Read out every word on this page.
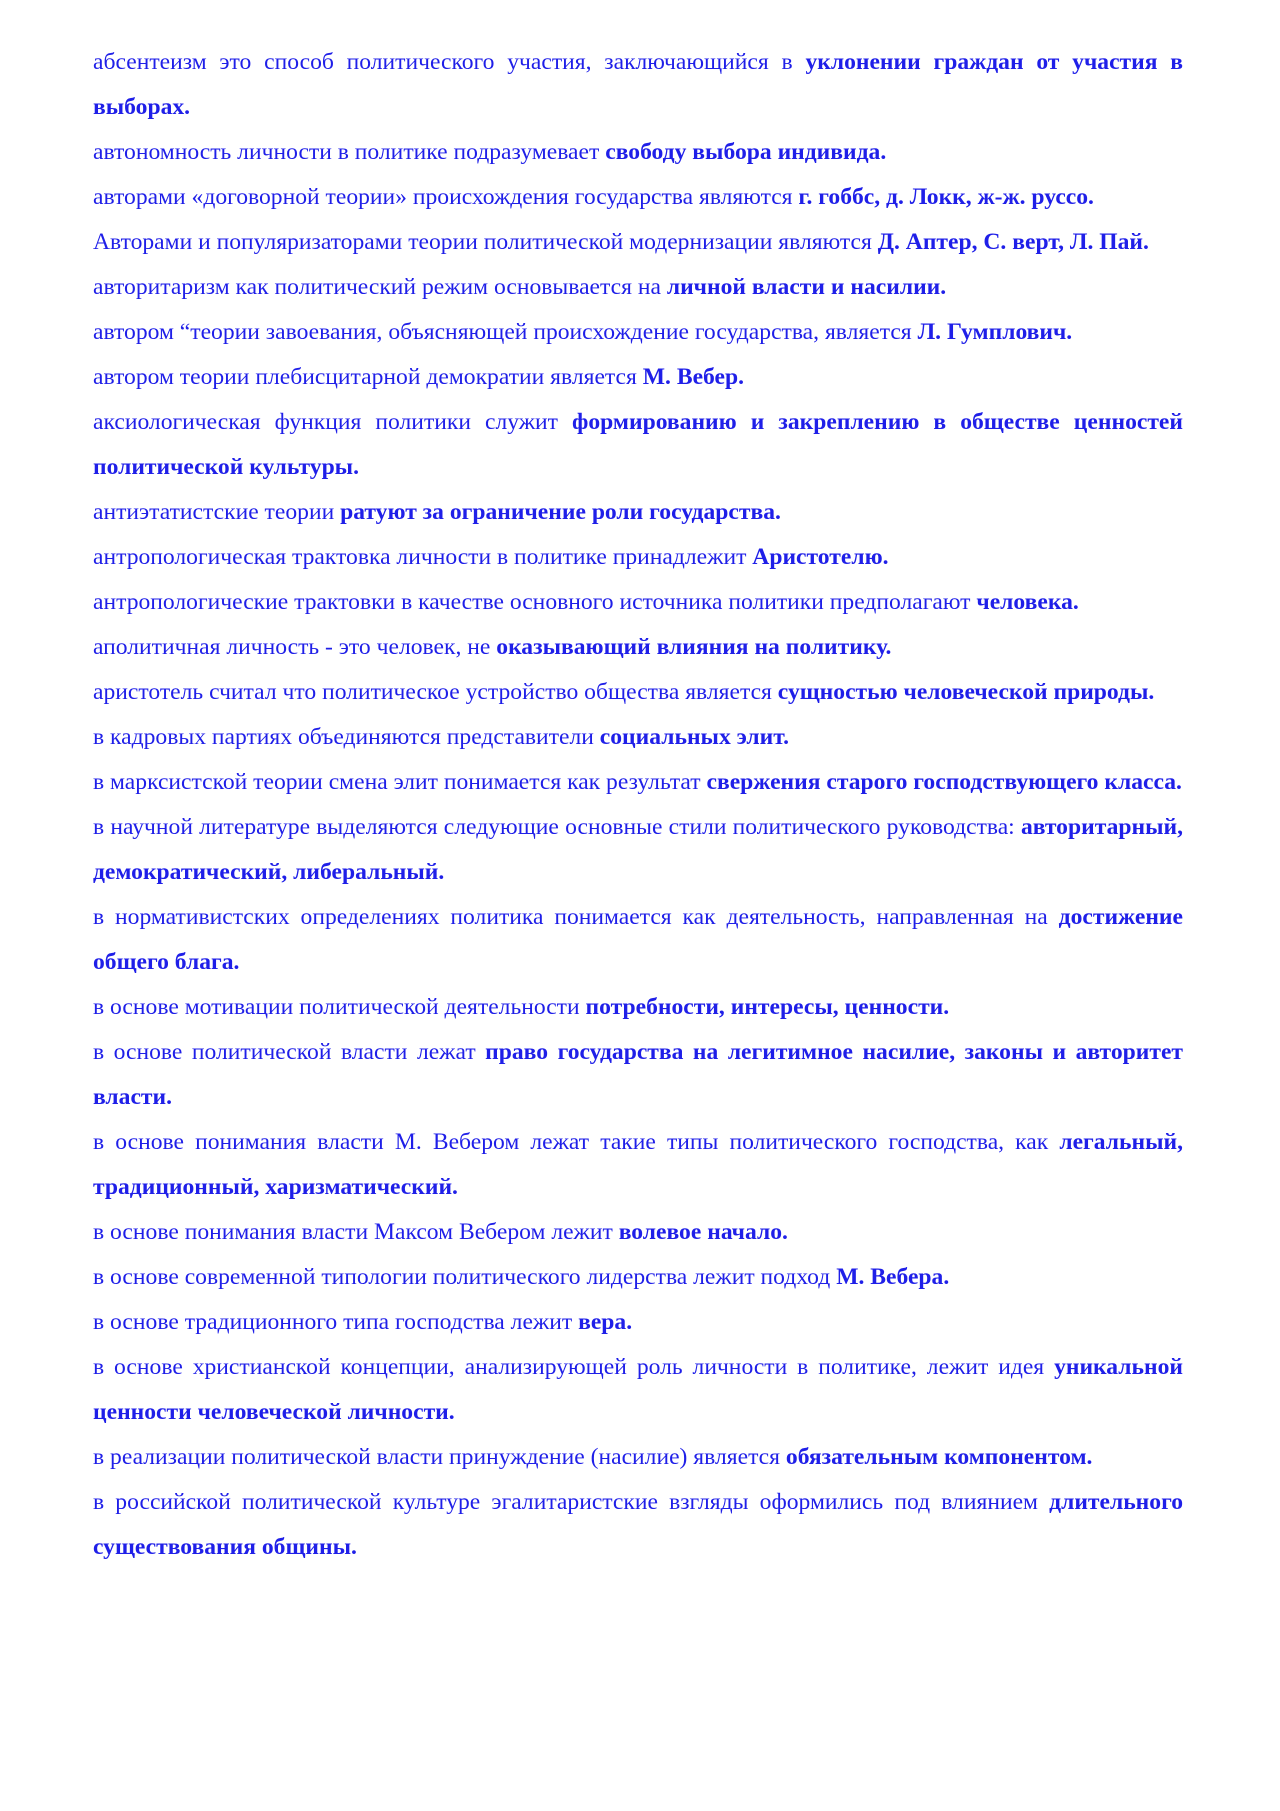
абсентеизм это способ политического участия, заключающийся в уклонении граждан от участия в выборах.

автономность личности в политике подразумевает свободу выбора индивида.

авторами «договорной теории» происхождения государства являются г. гоббс, д. Локк, ж-ж. руссо.

Авторами и популяризаторами теории политической модернизации являются Д. Аптер, С. верт, Л. Пай.

авторитаризм как политический режим основывается на личной власти и насилии.

автором “теории завоевания, объясняющей происхождение государства, является Л. Гумплович.

автором теории плебисцитарной демократии является М. Вебер.

аксиологическая функция политики служит формированию и закреплению в обществе ценностей политической культуры.

антиэтатистские теории ратуют за ограничение роли государства.

антропологическая трактовка личности в политике принадлежит Аристотелю.

антропологические трактовки в качестве основного источника политики предполагают человека.

аполитичная личность - это человек, не оказывающий влияния на политику.

аристотель считал что политическое устройство общества является сущностью человеческой природы.

в кадровых партиях объединяются представители социальных элит.

в марксистской теории смена элит понимается как результат свержения старого господствующего класса.

в научной литературе выделяются следующие основные стили политического руководства: авторитарный, демократический, либеральный.

в нормативистских определениях политика понимается как деятельность, направленная на достижение общего блага.

в основе мотивации политической деятельности потребности, интересы, ценности.

в основе политической власти лежат право государства на легитимное насилие, законы и авторитет власти.

в основе понимания власти М. Вебером лежат такие типы политического господства, как легальный, традиционный, харизматический.

в основе понимания власти Максом Вебером лежит волевое начало.

в основе современной типологии политического лидерства лежит подход М. Вебера.

в основе традиционного типа господства лежит вера.

в основе христианской концепции, анализирующей роль личности в политике, лежит идея уникальной ценности человеческой личности.

в реализации политической власти принуждение (насилие) является обязательным компонентом.

в российской политической культуре эгалитаристские взгляды оформились под влиянием длительного существования общины.
